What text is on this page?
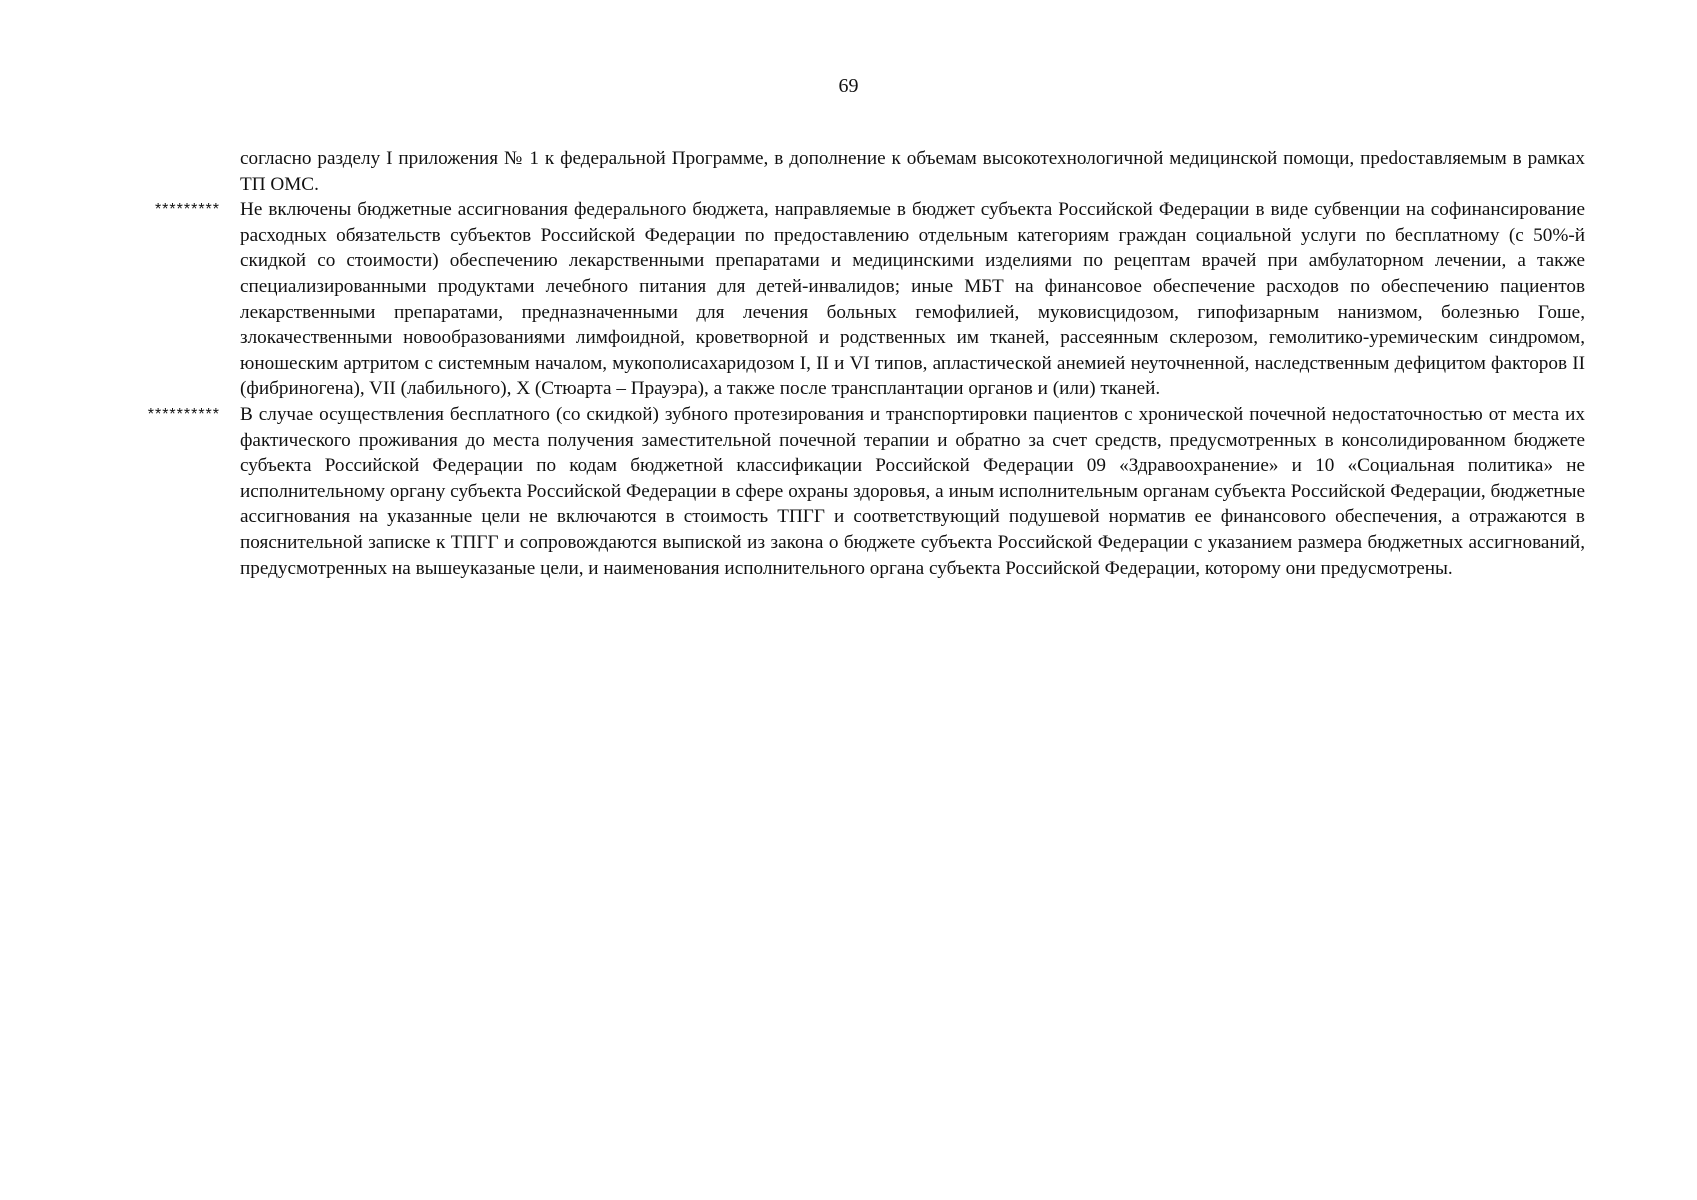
69
согласно разделу I приложения № 1 к федеральной Программе, в дополнение к объемам высокотехнологичной медицинской помощи, преdоставляемым в рамках ТП ОМС.
*********	Не включены бюджетные ассигнования федерального бюджета, направляемые в бюджет субъекта Российской Федерации в виде субвенции на софинансирование расходных обязательств субъектов Российской Федерации по предоставлению отдельным категориям граждан социальной услуги по бесплатному (с 50%-й скидкой со стоимости) обеспечению лекарственными препаратами и медицинскими изделиями по рецептам врачей при амбулаторном лечении, а также специализированными продуктами лечебного питания для детей-инвалидов; иные МБТ на финансовое обеспечение расходов по обеспечению пациентов лекарственными препаратами, предназначенными для лечения больных гемофилией, муковисцидозом, гипофизарным нанизмом, болезнью Гоше, злокачественными новообразованиями лимфоидной, кроветворной и родственных им тканей, рассеянным склерозом, гемолитико-уремическим синдромом, юношеским артритом с системным началом, мукополисахаридозом I, II и VI типов, апластической анемией неуточненной, наследственным дефицитом факторов II (фибриногена), VII (лабильного), X (Стюарта – Прауэра), а также после трансплантации органов и (или) тканей.
**********	В случае осуществления бесплатного (со скидкой) зубного протезирования и транспортировки пациентов с хронической почечной недостаточностью от места их фактического проживания до места получения заместительной почечной терапии и обратно за счет средств, предусмотренных в консолидированном бюджете субъекта Российской Федерации по кодам бюджетной классификации Российской Федерации 09 «Здравоохранение» и 10 «Социальная политика» не исполнительному органу субъекта Российской Федерации в сфере охраны здоровья, а иным исполнительным органам субъекта Российской Федерации, бюджетные ассигнования на указанные цели не включаются в стоимость ТПГГ и соответствующий подушевой норматив ее финансового обеспечения, а отражаются в пояснительной записке к ТПГГ и сопровождаются выпиской из закона о бюджете субъекта Российской Федерации с указанием размера бюджетных ассигнований, предусмотренных на вышеуказаные цели, и наименования исполнительного органа субъекта Российской Федерации, которому они предусмотрены.
